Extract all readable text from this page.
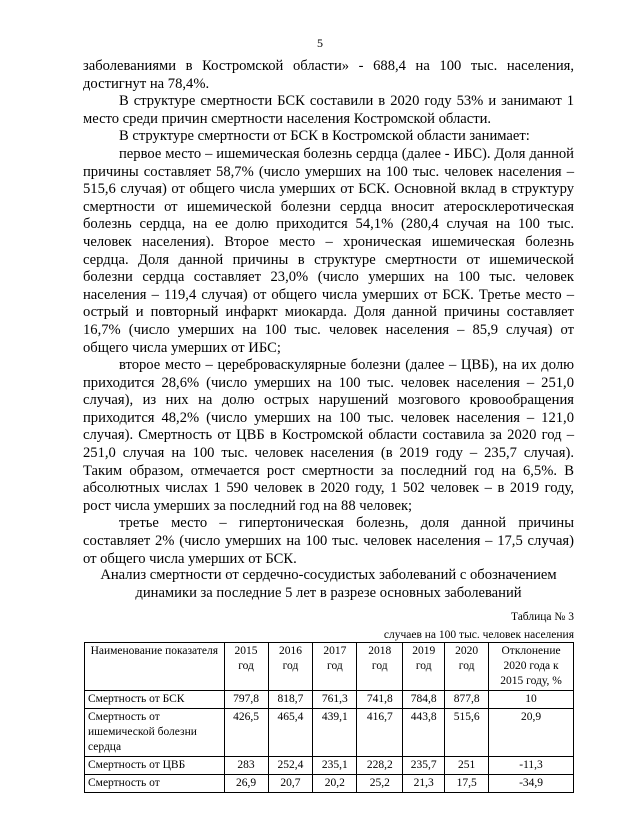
5

заболеваниями в Костромской области» - 688,4 на 100 тыс. населения, достигнут на 78,4%.

В структуре смертности БСК составили в 2020 году 53% и занимают 1 место среди причин смертности населения Костромской области.

В структуре смертности от БСК в Костромской области занимает:

первое место – ишемическая болезнь сердца (далее - ИБС). Доля данной причины составляет 58,7% (число умерших на 100 тыс. человек населения – 515,6 случая) от общего числа умерших от БСК. Основной вклад в структуру смертности от ишемической болезни сердца вносит атеросклеротическая болезнь сердца, на ее долю приходится 54,1% (280,4 случая на 100 тыс. человек населения). Второе место – хроническая ишемическая болезнь сердца. Доля данной причины в структуре смертности от ишемической болезни сердца составляет 23,0% (число умерших на 100 тыс. человек населения – 119,4 случая) от общего числа умерших от БСК. Третье место – острый и повторный инфаркт миокарда. Доля данной причины составляет 16,7% (число умерших на 100 тыс. человек населения – 85,9 случая) от общего числа умерших от ИБС;

второе место – цереброваскулярные болезни (далее – ЦВБ), на их долю приходится 28,6% (число умерших на 100 тыс. человек населения – 251,0 случая), из них на долю острых нарушений мозгового кровообращения приходится 48,2% (число умерших на 100 тыс. человек населения – 121,0 случая). Смертность от ЦВБ в Костромской области составила за 2020 год – 251,0 случая на 100 тыс. человек населения (в 2019 году – 235,7 случая). Таким образом, отмечается рост смертности за последний год на 6,5%. В абсолютных числах 1 590 человек в 2020 году, 1 502 человек – в 2019 году, рост числа умерших за последний год на 88 человек;

третье место – гипертоническая болезнь, доля данной причины составляет 2% (число умерших на 100 тыс. человек населения – 17,5 случая) от общего числа умерших от БСК.

Анализ смертности от сердечно-сосудистых заболеваний с обозначением динамики за последние 5 лет в разрезе основных заболеваний
Таблица № 3
случаев на 100 тыс. человек населения
Наименование показателя	2015 год	2016 год	2017 год	2018 год	2019 год	2020 год	Отклонение 2020 года к 2015 году, %
Смертность от БСК	797,8	818,7	761,3	741,8	784,8	877,8	10
Смертность от ишемической болезни сердца	426,5	465,4	439,1	416,7	443,8	515,6	20,9
Смертность от ЦВБ	283	252,4	235,1	228,2	235,7	251	-11,3
Смертность от	26,9	20,7	20,2	25,2	21,3	17,5	-34,9
